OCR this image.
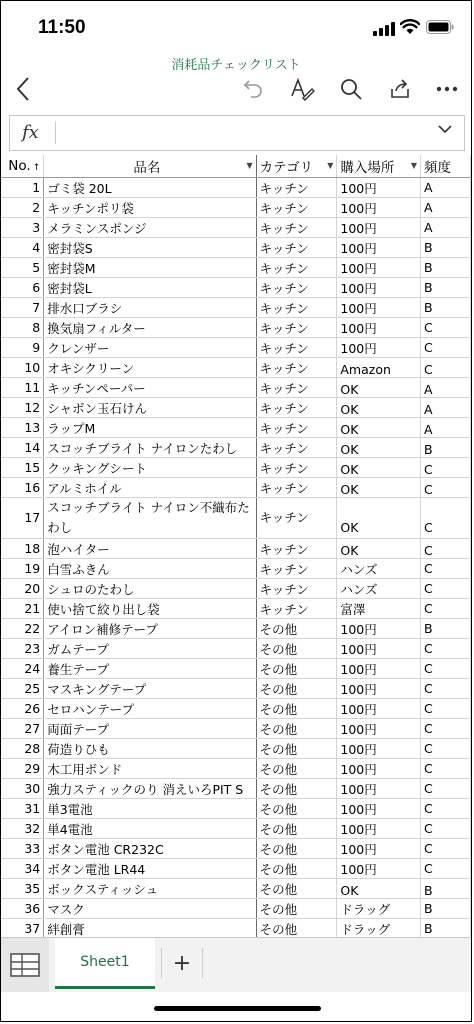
11:50
消耗品チェックリスト
fx
No. ↑	品名 ▼	カテゴリ ▼	購入場所 ▼	頻度
1	ゴミ袋 20L	キッチン	100円	A
2	キッチンポリ袋	キッチン	100円	A
3	メラミンスポンジ	キッチン	100円	A
4	密封袋S	キッチン	100円	B
5	密封袋M	キッチン	100円	B
6	密封袋L	キッチン	100円	B
7	排水口ブラシ	キッチン	100円	B
8	換気扇フィルター	キッチン	100円	C
9	クレンザー	キッチン	100円	C
10	オキシクリーン	キッチン	Amazon	C
11	キッチンペーパー	キッチン	OK	A
12	シャボン玉石けん	キッチン	OK	A
13	ラップM	キッチン	OK	A
14	スコッチブライト ナイロンたわし	キッチン	OK	B
15	クッキングシート	キッチン	OK	C
16	アルミホイル	キッチン	OK	C
17	スコッチブライト ナイロン不織布たわし	キッチン	OK	C
18	泡ハイター	キッチン	OK	C
19	白雪ふきん	キッチン	ハンズ	C
20	シュロのたわし	キッチン	ハンズ	C
21	使い捨て絞り出し袋	キッチン	富澤	C
22	アイロン補修テープ	その他	100円	B
23	ガムテープ	その他	100円	C
24	養生テープ	その他	100円	C
25	マスキングテープ	その他	100円	C
26	セロハンテープ	その他	100円	C
27	両面テープ	その他	100円	C
28	荷造りひも	その他	100円	C
29	木工用ボンド	その他	100円	C
30	強力スティックのり 消えいろPIT S	その他	100円	C
31	単3電池	その他	100円	C
32	単4電池	その他	100円	C
33	ボタン電池 CR232C	その他	100円	C
34	ボタン電池 LR44	その他	100円	C
35	ボックスティッシュ	その他	OK	B
36	マスク	その他	ドラッグ	B
37	絆創膏	その他	ドラッグ	B
Sheet1	+
